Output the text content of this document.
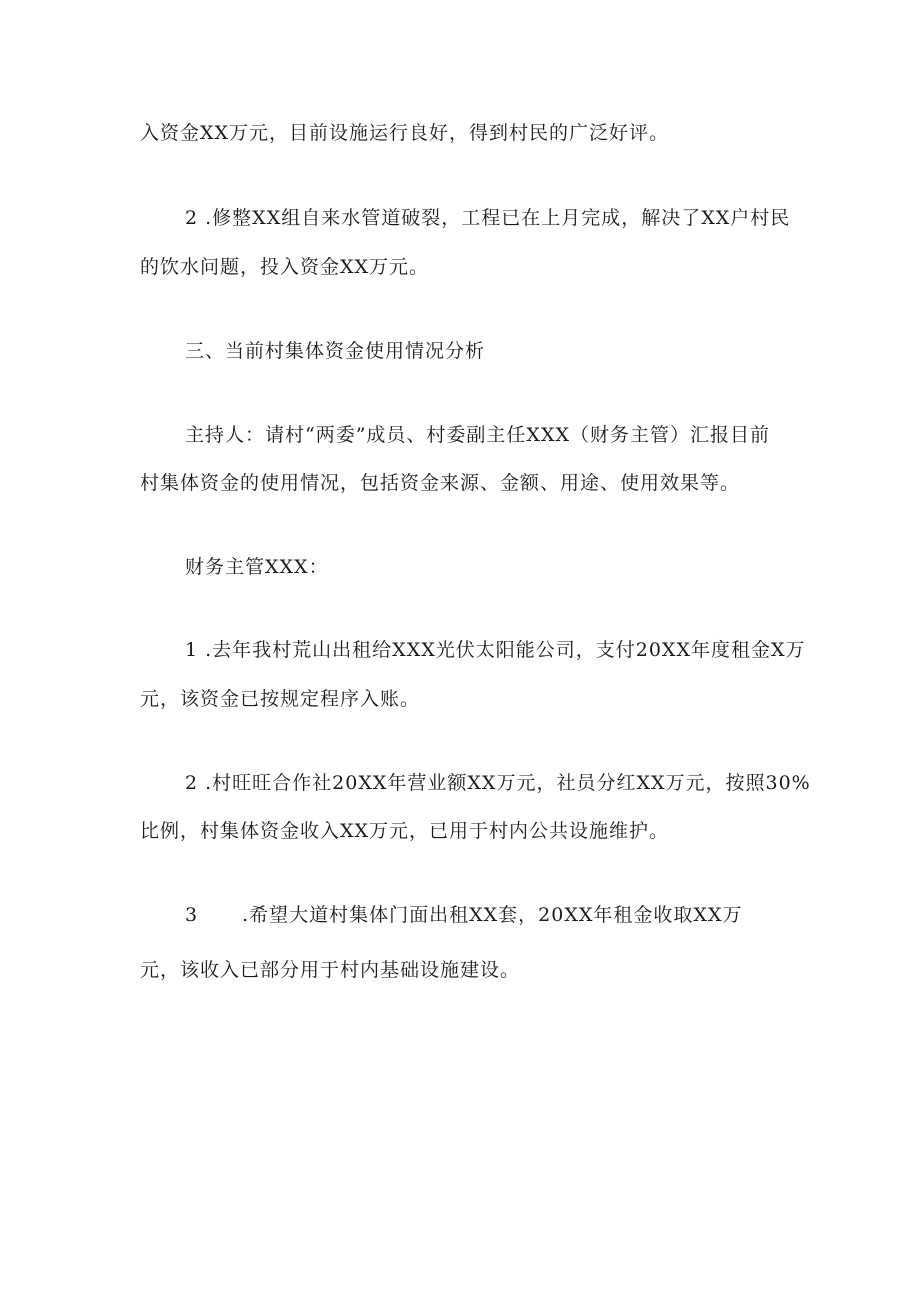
入资金XX万元，目前设施运行良好，得到村民的广泛好评。
2 .修整XX组自来水管道破裂，工程已在上月完成，解决了XX户村民
的饮水问题，投入资金XX万元。
三、当前村集体资金使用情况分析
主持人：请村“两委”成员、村委副主任XXX（财务主管）汇报目前
村集体资金的使用情况，包括资金来源、金额、用途、使用效果等。
财务主管XXX：
1 .去年我村荒山出租给XXX光伏太阳能公司，支付20XX年度租金X万
元，该资金已按规定程序入账。
2 .村旺旺合作社20XX年营业额XX万元，社员分红XX万元，按照30%
比例，村集体资金收入XX万元，已用于村内公共设施维护。
3 .希望大道村集体门面出租XX套，20XX年租金收取XX万
元，该收入已部分用于村内基础设施建设。
